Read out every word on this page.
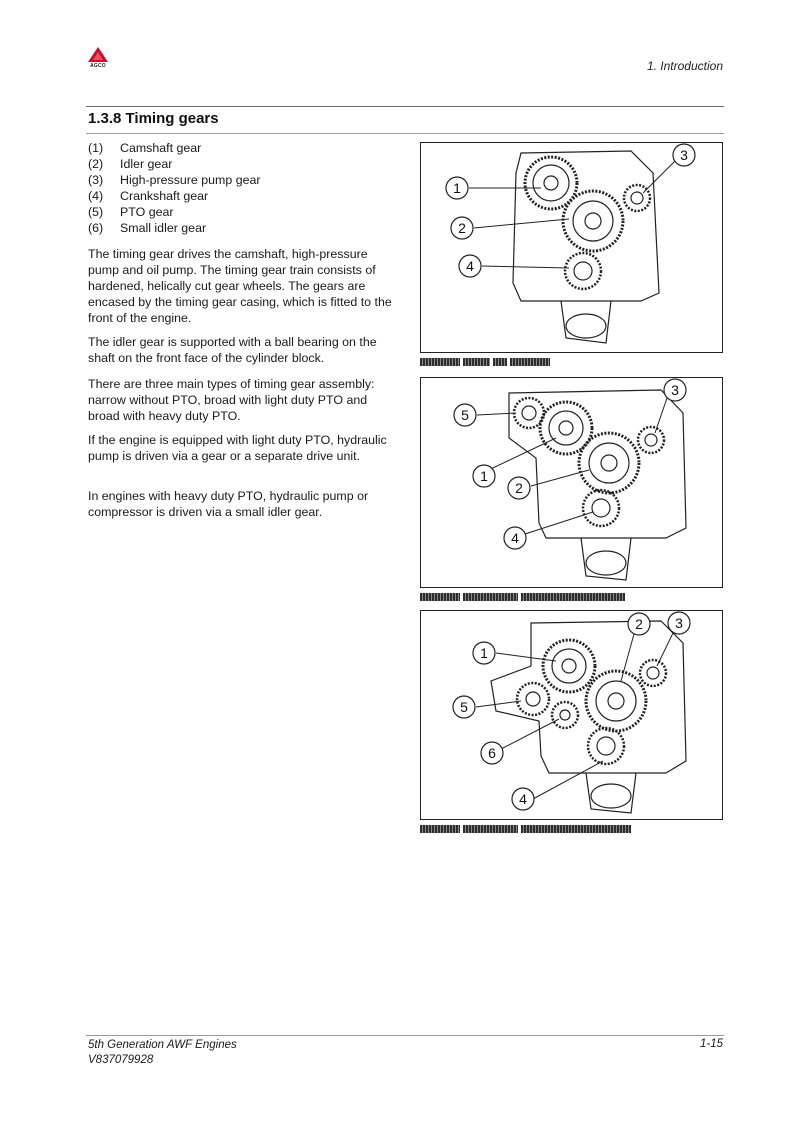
AGCO	1. Introduction
1.3.8 Timing gears
(1)	Camshaft gear
(2)	Idler gear
(3)	High-pressure pump gear
(4)	Crankshaft gear
(5)	PTO gear
(6)	Small idler gear

The timing gear drives the camshaft, high-pressure pump and oil pump. The timing gear train consists of hardened, helically cut gear wheels. The gears are encased by the timing gear casing, which is fitted to the front of the engine.

The idler gear is supported with a ball bearing on the shaft on the front face of the cylinder block.

There are three main types of timing gear assembly: narrow without PTO, broad with light duty PTO and broad with heavy duty PTO.

If the engine is equipped with light duty PTO, hydraulic pump is driven via a gear or a separate drive unit.

In engines with heavy duty PTO, hydraulic pump or compressor is driven via a small idler gear.

1
2
3
4
1
2
3
4
5
1
2 3
4
5
6
5th Generation AWF Engines
V837079928
1-15
